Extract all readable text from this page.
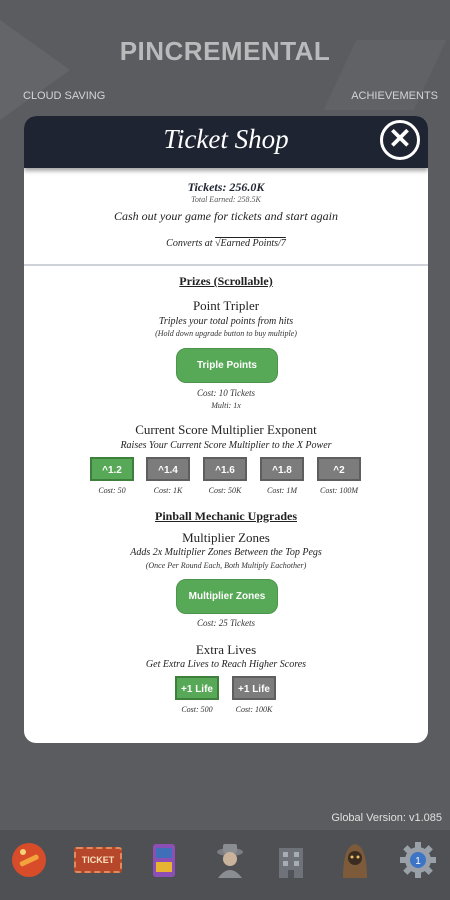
PINCREMENTAL
CLOUD SAVING	ACHIEVEMENTS
Ticket Shop	✕
Tickets: 256.0K
Total Earned: 258.5K
Cash out your game for tickets and start again
Converts at √Earned Points/7
Prizes (Scrollable)
Point Tripler
Triples your total points from hits
(Hold down upgrade button to buy multiple)
Triple Points
Cost: 10 Tickets
Multi: 1x
Current Score Multiplier Exponent
Raises Your Current Score Multiplier to the X Power
^1.2	^1.4	^1.6	^1.8	^2
Cost: 50	Cost: 1K	Cost: 50K	Cost: 1M	Cost: 100M
Pinball Mechanic Upgrades
Multiplier Zones
Adds 2x Multiplier Zones Between the Top Pegs
(Once Per Round Each, Both Multiply Eachother)
Multiplier Zones
Cost: 25 Tickets
Extra Lives
Get Extra Lives to Reach Higher Scores
+1 Life	+1 Life
Cost: 500	Cost: 100K
Global Version: v1.085
TICKET	1
